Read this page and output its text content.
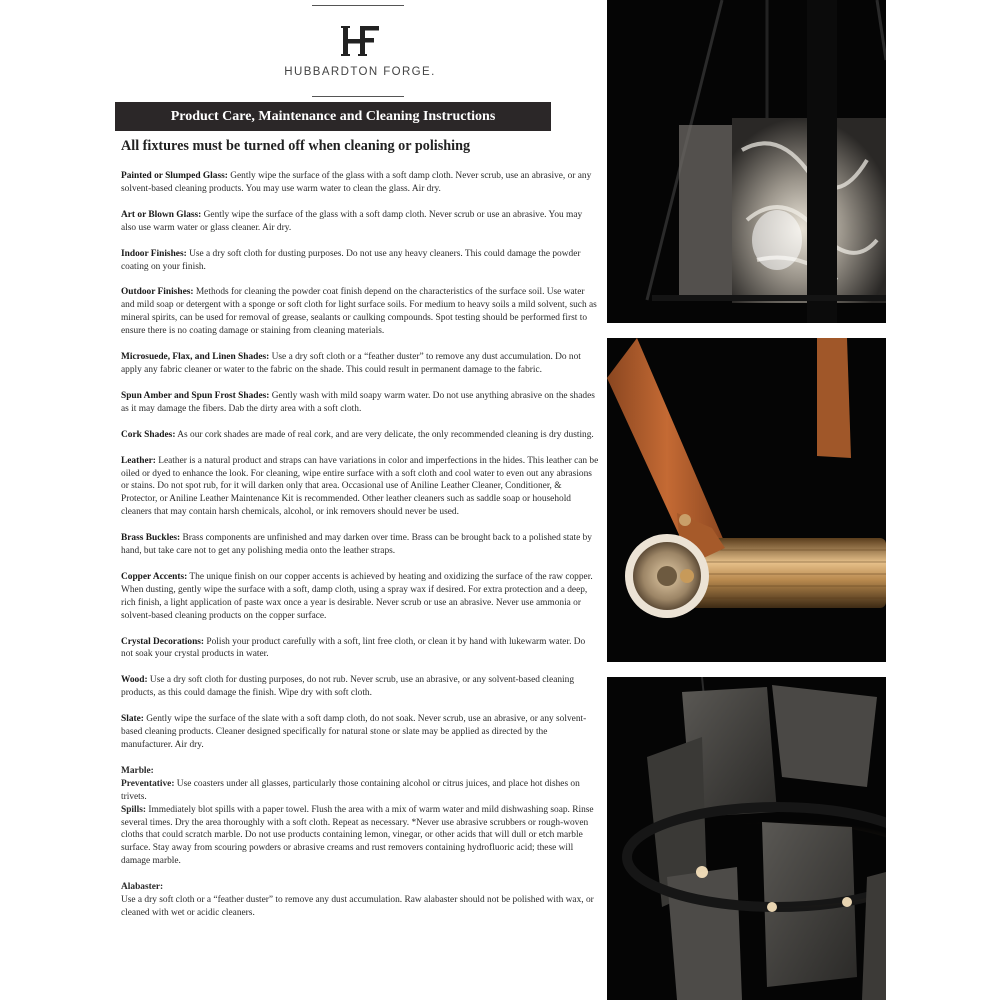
HUBBARDTON FORGE.
Product Care, Maintenance and Cleaning Instructions
All fixtures must be turned off when cleaning or polishing

Painted or Slumped Glass: Gently wipe the surface of the glass with a soft damp cloth. Never scrub, use an abrasive, or any solvent-based cleaning products. You may use warm water to clean the glass. Air dry.

Art or Blown Glass: Gently wipe the surface of the glass with a soft damp cloth. Never scrub or use an abrasive. You may also use warm water or glass cleaner. Air dry.

Indoor Finishes: Use a dry soft cloth for dusting purposes. Do not use any heavy cleaners. This could damage the powder coating on your finish.

Outdoor Finishes: Methods for cleaning the powder coat finish depend on the characteristics of the surface soil. Use water and mild soap or detergent with a sponge or soft cloth for light surface soils. For medium to heavy soils a mild solvent, such as mineral spirits, can be used for removal of grease, sealants or caulking compounds. Spot testing should be performed first to ensure there is no coating damage or staining from cleaning materials.

Microsuede, Flax, and Linen Shades: Use a dry soft cloth or a “feather duster” to remove any dust accumulation. Do not apply any fabric cleaner or water to the fabric on the shade. This could result in permanent damage to the fabric.

Spun Amber and Spun Frost Shades: Gently wash with mild soapy warm water. Do not use anything abrasive on the shades as it may damage the fibers. Dab the dirty area with a soft cloth.

Cork Shades: As our cork shades are made of real cork, and are very delicate, the only recommended cleaning is dry dusting.

Leather: Leather is a natural product and straps can have variations in color and imperfections in the hides. This leather can be oiled or dyed to enhance the look. For cleaning, wipe entire surface with a soft cloth and cool water to even out any abrasions or stains. Do not spot rub, for it will darken only that area. Occasional use of Aniline Leather Cleaner, Conditioner, & Protector, or Aniline Leather Maintenance Kit is recommended. Other leather cleaners such as saddle soap or household cleaners that may contain harsh chemicals, alcohol, or ink removers should never be used.

Brass Buckles: Brass components are unfinished and may darken over time. Brass can be brought back to a polished state by hand, but take care not to get any polishing media onto the leather straps.

Copper Accents: The unique finish on our copper accents is achieved by heating and oxidizing the surface of the raw copper. When dusting, gently wipe the surface with a soft, damp cloth, using a spray wax if desired. For extra protection and a deep, rich finish, a light application of paste wax once a year is desirable. Never scrub or use an abrasive. Never use ammonia or solvent-based cleaning products on the copper surface.

Crystal Decorations: Polish your product carefully with a soft, lint free cloth, or clean it by hand with lukewarm water. Do not soak your crystal products in water.

Wood: Use a dry soft cloth for dusting purposes, do not rub. Never scrub, use an abrasive, or any solvent-based cleaning products, as this could damage the finish. Wipe dry with soft cloth.

Slate: Gently wipe the surface of the slate with a soft damp cloth, do not soak. Never scrub, use an abrasive, or any solvent-based cleaning products. Cleaner designed specifically for natural stone or slate may be applied as directed by the manufacturer. Air dry.

Marble:
Preventative: Use coasters under all glasses, particularly those containing alcohol or citrus juices, and place hot dishes on trivets.
Spills: Immediately blot spills with a paper towel. Flush the area with a mix of warm water and mild dishwashing soap. Rinse several times. Dry the area thoroughly with a soft cloth. Repeat as necessary. *Never use abrasive scrubbers or rough-woven cloths that could scratch marble. Do not use products containing lemon, vinegar, or other acids that will dull or etch marble surface. Stay away from scouring powders or abrasive creams and rust removers containing hydrofluoric acid; these will damage marble.
Alabaster:
Use a dry soft cloth or a “feather duster” to remove any dust accumulation. Raw alabaster should not be polished with wax, or cleaned with wet or acidic cleaners.
